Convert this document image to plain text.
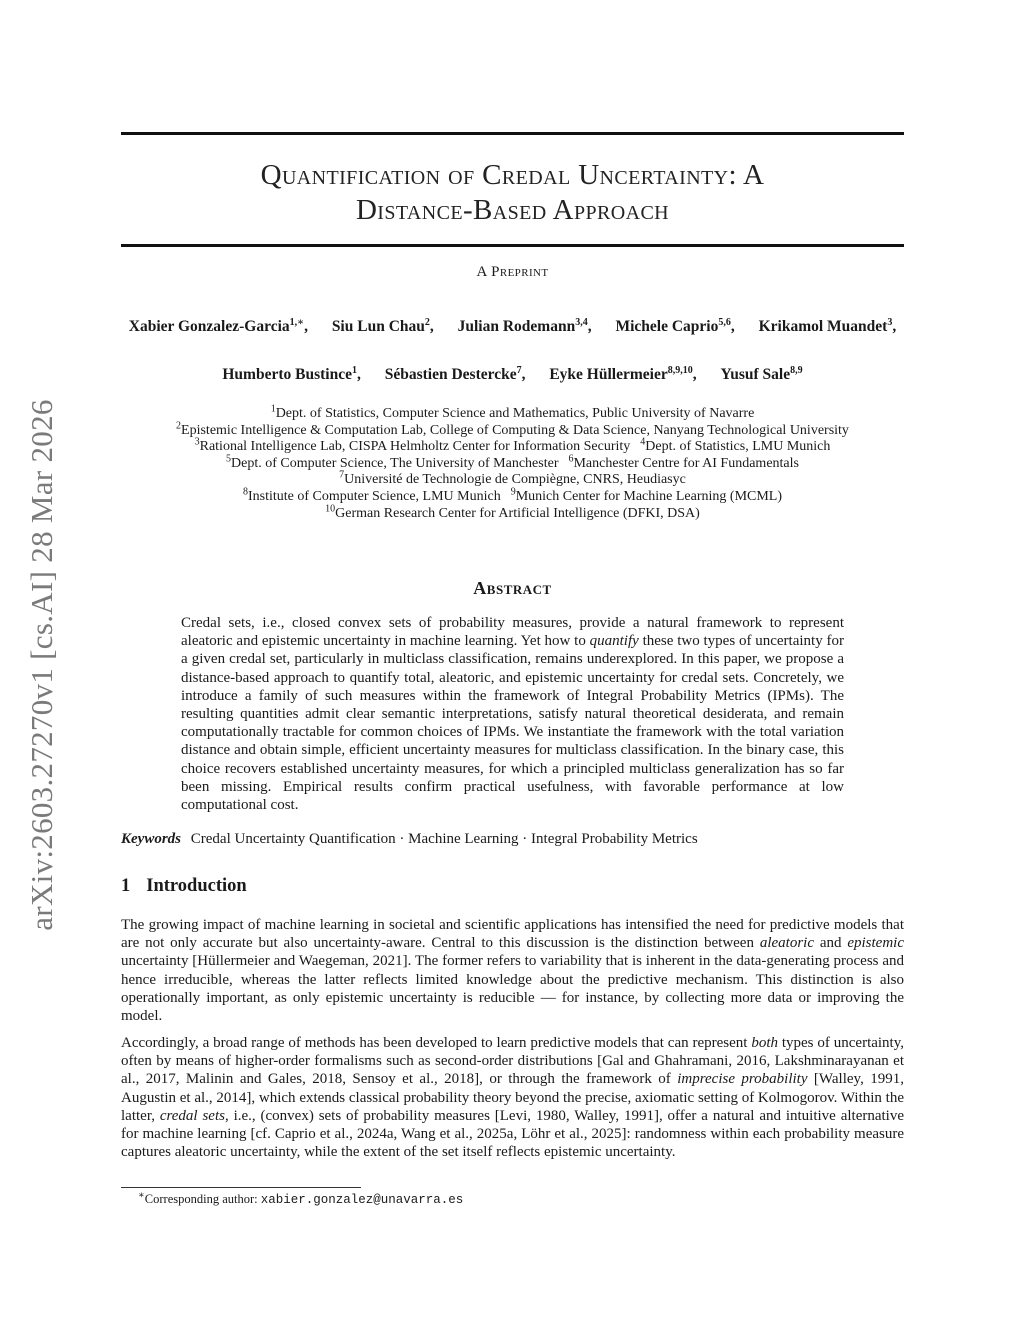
arXiv:2603.27270v1 [cs.AI] 28 Mar 2026
Quantification of Credal Uncertainty: A
Distance-Based Approach
A Preprint
Xabier Gonzalez-Garcia$^{1,∗}$, Siu Lun Chau$^2$, Julian Rodemann$^{3,4}$, Michele Caprio$^{5,6}$, Krikamol Muandet$^3$,
Humberto Bustince$^1$, Sébastien Destercke$^7$, Eyke Hüllermeier$^{8,9,10}$, Yusuf Sale$^{8,9}$
$^1$Dept. of Statistics, Computer Science and Mathematics, Public University of Navarre
$^2$Epistemic Intelligence & Computation Lab, College of Computing & Data Science, Nanyang Technological University
$^3$Rational Intelligence Lab, CISPA Helmholtz Center for Information Security $^4$Dept. of Statistics, LMU Munich
$^5$Dept. of Computer Science, The University of Manchester $^6$Manchester Centre for AI Fundamentals
$^7$Université de Technologie de Compiègne, CNRS, Heudiasyc
$^8$Institute of Computer Science, LMU Munich $^9$Munich Center for Machine Learning (MCML)
$^{10}$German Research Center for Artificial Intelligence (DFKI, DSA)
Abstract
Credal sets, i.e., closed convex sets of probability measures, provide a natural framework to represent aleatoric and epistemic uncertainty in machine learning. Yet how to quantify these two types of uncertainty for a given credal set, particularly in multiclass classification, remains underexplored. In this paper, we propose a distance-based approach to quantify total, aleatoric, and epistemic uncertainty for credal sets. Concretely, we introduce a family of such measures within the framework of Integral Probability Metrics (IPMs). The resulting quantities admit clear semantic interpretations, satisfy natural theoretical desiderata, and remain computationally tractable for common choices of IPMs. We instantiate the framework with the total variation distance and obtain simple, efficient uncertainty measures for multiclass classification. In the binary case, this choice recovers established uncertainty measures, for which a principled multiclass generalization has so far been missing. Empirical results confirm practical usefulness, with favorable performance at low computational cost.
Keywords Credal Uncertainty Quantification · Machine Learning · Integral Probability Metrics
1 Introduction

The growing impact of machine learning in societal and scientific applications has intensified the need for predictive models that are not only accurate but also uncertainty-aware. Central to this discussion is the distinction between aleatoric and epistemic uncertainty [Hüllermeier and Waegeman, 2021]. The former refers to variability that is inherent in the data-generating process and hence irreducible, whereas the latter reflects limited knowledge about the predictive mechanism. This distinction is also operationally important, as only epistemic uncertainty is reducible — for instance, by collecting more data or improving the model.

Accordingly, a broad range of methods has been developed to learn predictive models that can represent both types of uncertainty, often by means of higher-order formalisms such as second-order distributions [Gal and Ghahramani, 2016, Lakshminarayanan et al., 2017, Malinin and Gales, 2018, Sensoy et al., 2018], or through the framework of imprecise probability [Walley, 1991, Augustin et al., 2014], which extends classical probability theory beyond the precise, axiomatic setting of Kolmogorov. Within the latter, credal sets, i.e., (convex) sets of probability measures [Levi, 1980, Walley, 1991], offer a natural and intuitive alternative for machine learning [cf. Caprio et al., 2024a, Wang et al., 2025a, Löhr et al., 2025]: randomness within each probability measure captures aleatoric uncertainty, while the extent of the set itself reflects epistemic uncertainty.

∗Corresponding author: xabier.gonzalez@unavarra.es
